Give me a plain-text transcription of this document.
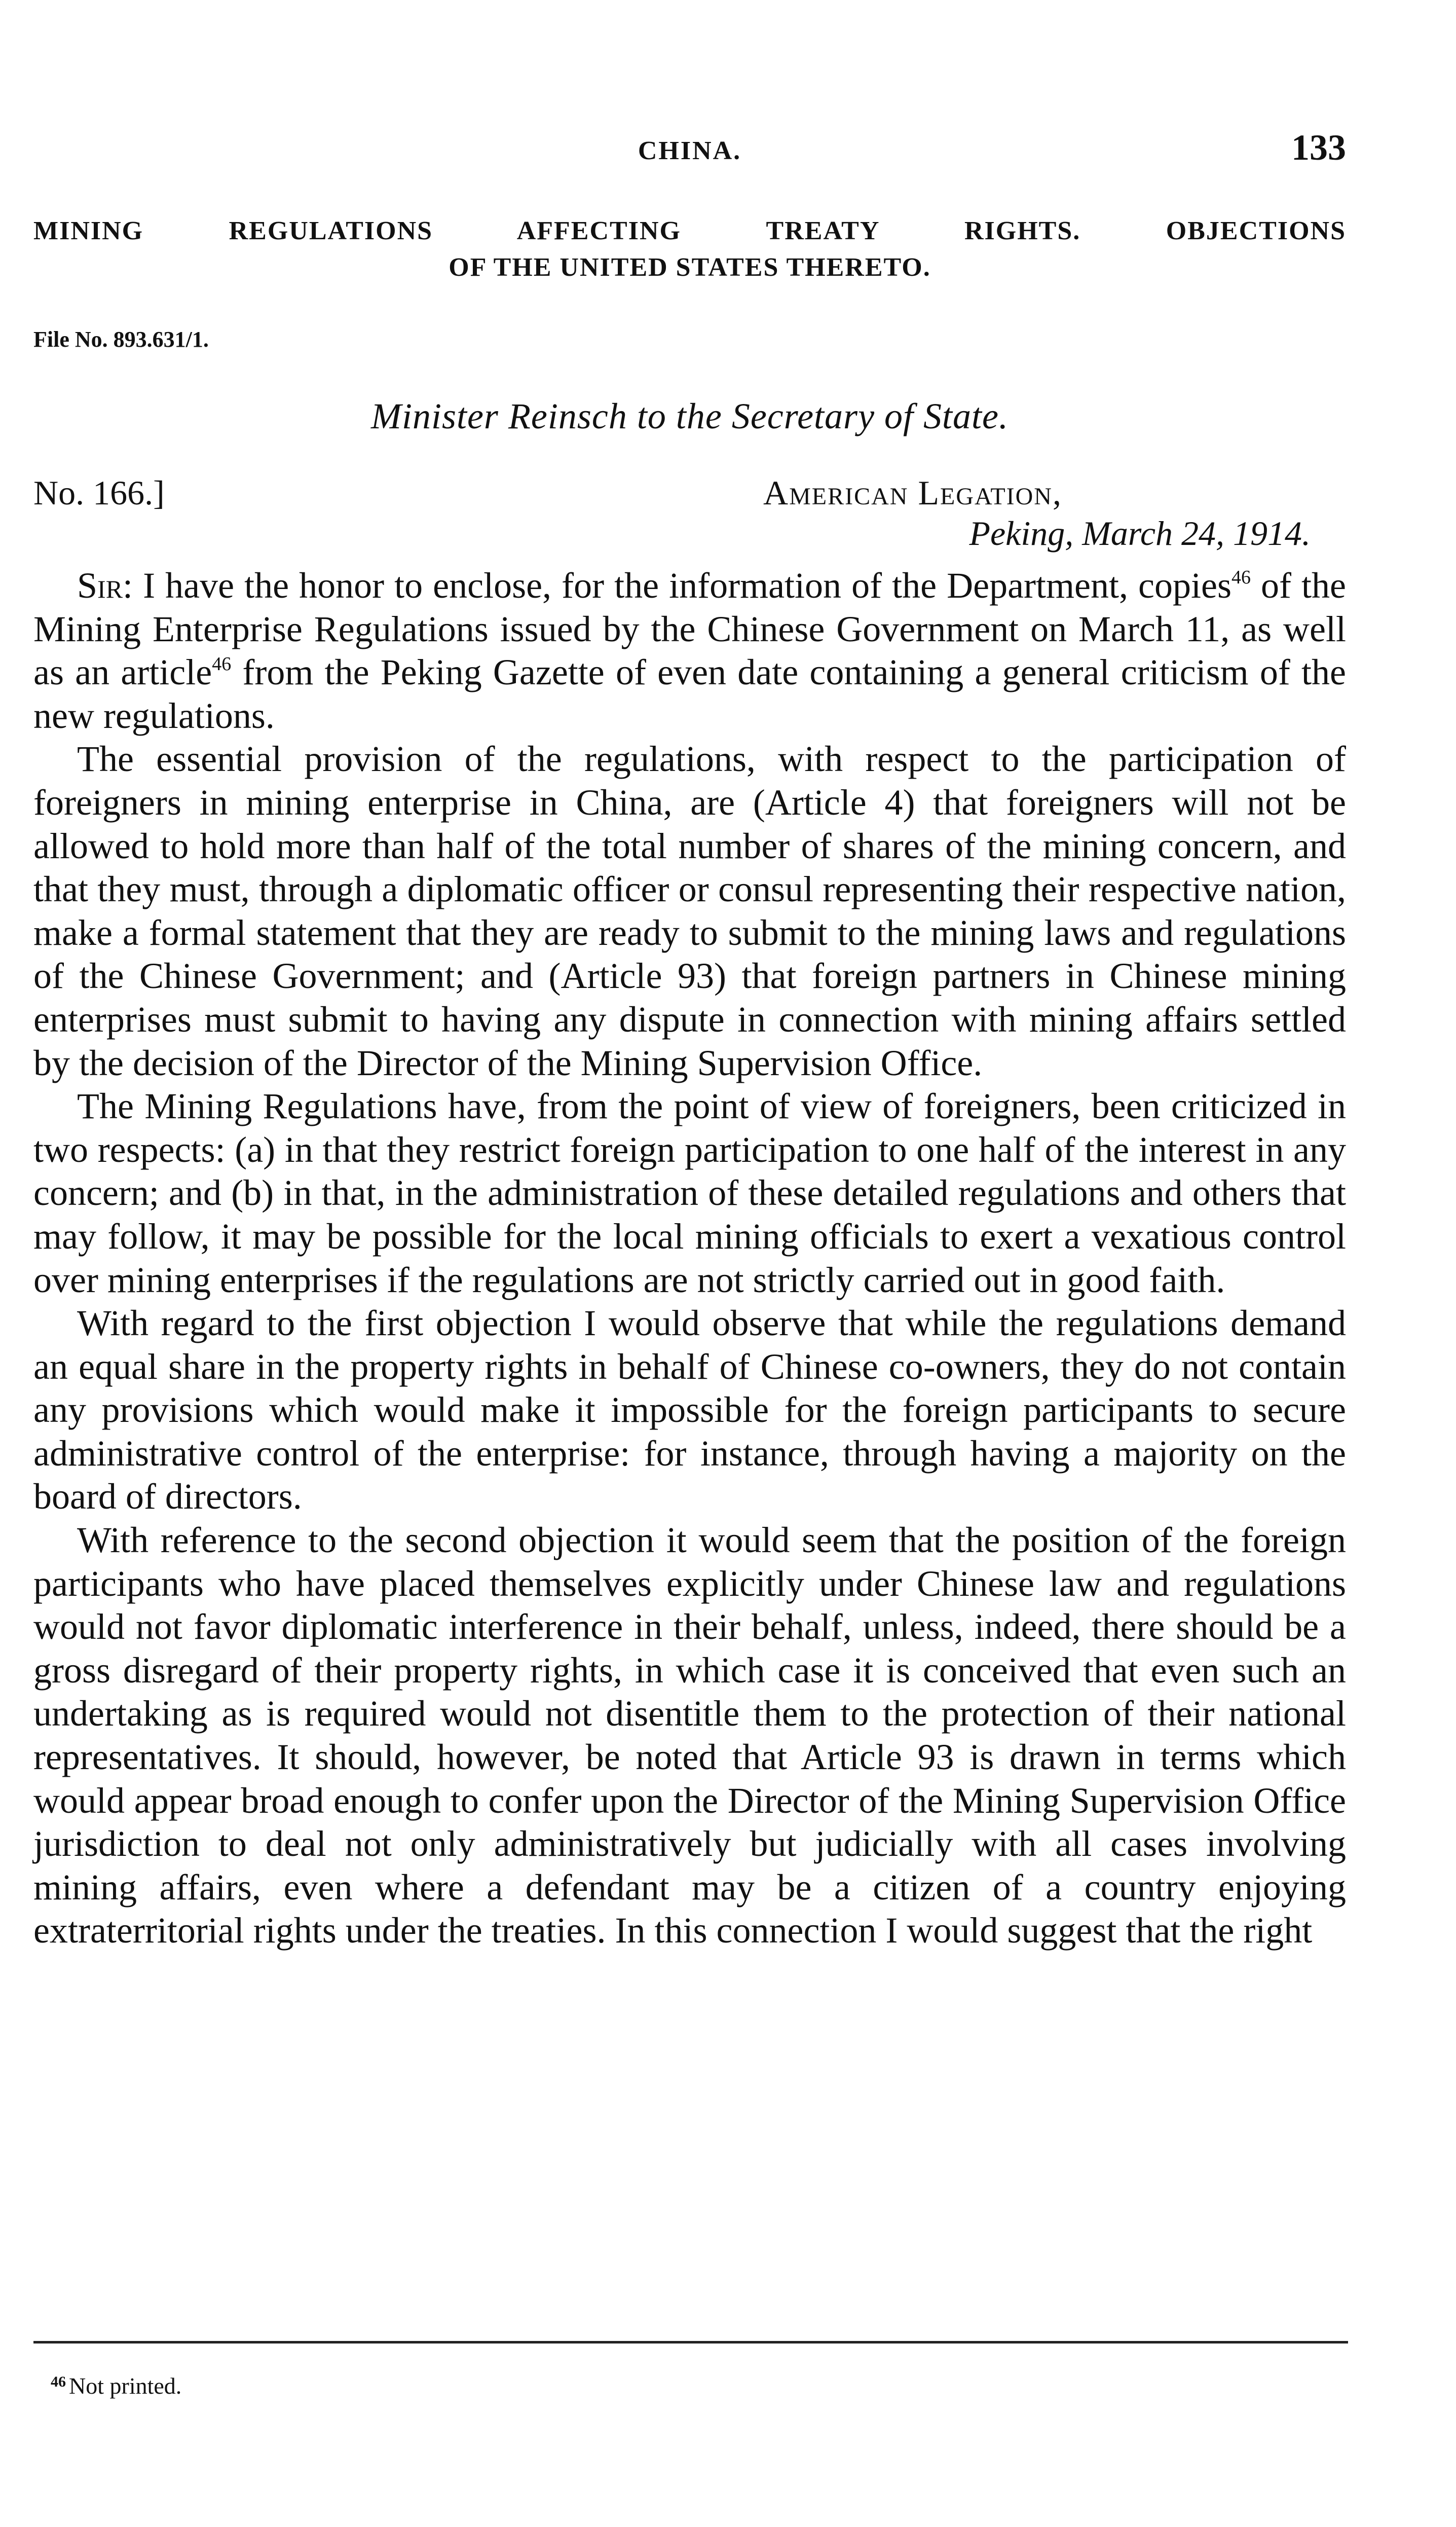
CHINA.	133
MINING REGULATIONS AFFECTING TREATY RIGHTS. OBJECTIONS
OF THE UNITED STATES THERETO.
File No. 893.631/1.
Minister Reinsch to the Secretary of State.
No. 166.]	American Legation,
Peking, March 24, 1914.

Sir: I have the honor to enclose, for the information of the Department, copies$^{46}$ of the Mining Enterprise Regulations issued by the Chinese Government on March 11, as well as an article$^{46}$ from the Peking Gazette of even date containing a general criticism of the new regulations.

The essential provision of the regulations, with respect to the participation of foreigners in mining enterprise in China, are (Article 4) that foreigners will not be allowed to hold more than half of the total number of shares of the mining concern, and that they must, through a diplomatic officer or consul representing their respective nation, make a formal statement that they are ready to submit to the mining laws and regulations of the Chinese Government; and (Article 93) that foreign partners in Chinese mining enterprises must submit to having any dispute in connection with mining affairs settled by the decision of the Director of the Mining Supervision Office.

The Mining Regulations have, from the point of view of foreigners, been criticized in two respects: (a) in that they restrict foreign participation to one half of the interest in any concern; and (b) in that, in the administration of these detailed regulations and others that may follow, it may be possible for the local mining officials to exert a vexatious control over mining enterprises if the regulations are not strictly carried out in good faith.

With regard to the first objection I would observe that while the regulations demand an equal share in the property rights in behalf of Chinese co-owners, they do not contain any provisions which would make it impossible for the foreign participants to secure administrative control of the enterprise: for instance, through having a majority on the board of directors.

With reference to the second objection it would seem that the position of the foreign participants who have placed themselves explicitly under Chinese law and regulations would not favor diplomatic interference in their behalf, unless, indeed, there should be a gross disregard of their property rights, in which case it is conceived that even such an undertaking as is required would not disentitle them to the protection of their national representatives. It should, however, be noted that Article 93 is drawn in terms which would appear broad enough to confer upon the Director of the Mining Supervision Office jurisdiction to deal not only administratively but judicially with all cases involving mining affairs, even where a defendant may be a citizen of a country enjoying extraterritorial rights under the treaties. In this connection I would suggest that the right

$^{46}$ Not printed.
